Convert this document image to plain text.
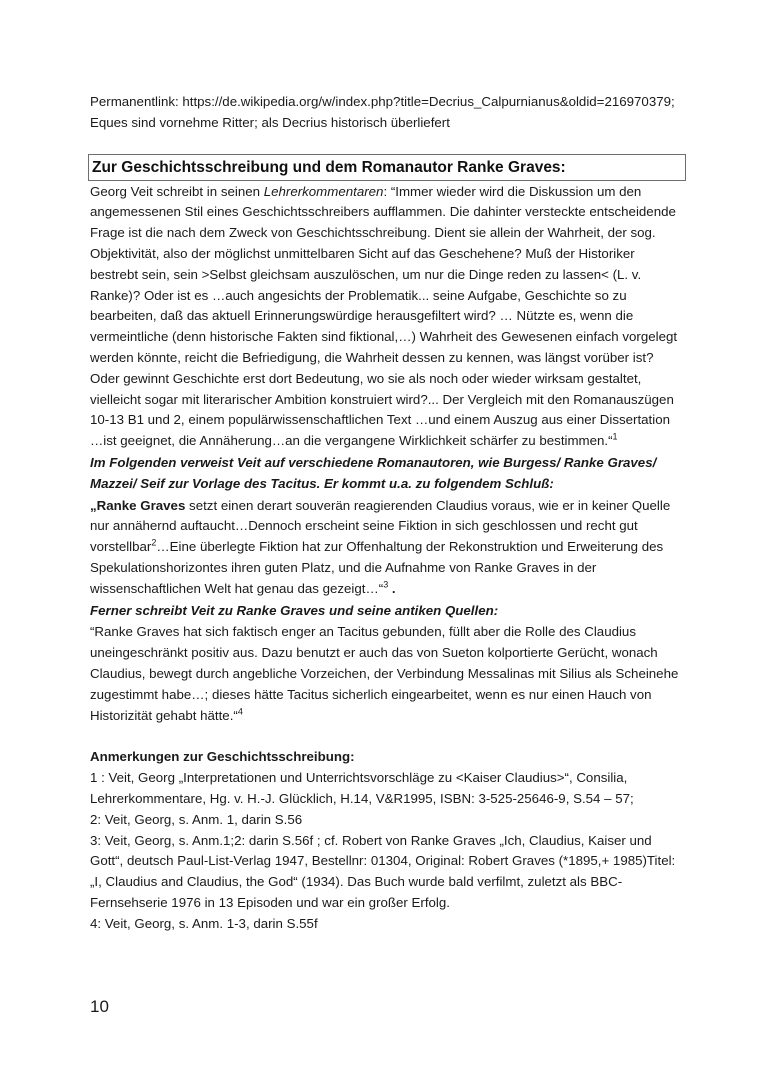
Permanentlink: https://de.wikipedia.org/w/index.php?title=Decrius_Calpurnianus&oldid=216970379; Eques sind vornehme Ritter; als Decrius historisch überliefert
Zur Geschichtsschreibung und dem Romanautor Ranke Graves:
Georg Veit schreibt in seinen Lehrerkommentaren: “Immer wieder wird die Diskussion um den angemessenen Stil eines Geschichtsschreibers aufflammen. Die dahinter versteckte entscheidende Frage ist die nach dem Zweck von Geschichtsschreibung. Dient sie allein der Wahrheit, der sog. Objektivität, also der möglichst unmittelbaren Sicht auf das Geschehene? Muß der Historiker bestrebt sein, sein >Selbst gleichsam auszulöschen, um nur die Dinge reden zu lassen< (L. v. Ranke)? Oder ist es …auch angesichts der Problematik... seine Aufgabe, Geschichte so zu bearbeiten, daß das aktuell Erinnerungswürdige herausgefiltert wird? … Nützte es, wenn die vermeintliche (denn historische Fakten sind fiktional,…) Wahrheit des Gewesenen einfach vorgelegt werden könnte, reicht die Befriedigung, die Wahrheit dessen zu kennen, was längst vorüber ist? Oder gewinnt Geschichte erst dort Bedeutung, wo sie als noch oder wieder wirksam gestaltet, vielleicht sogar mit literarischer Ambition konstruiert wird?... Der Vergleich mit den Romanauszügen 10-13 B1 und 2, einem populärwissenschaftlichen Text …und einem Auszug aus einer Dissertation …ist geeignet, die Annäherung…an die vergangene Wirklichkeit schärfer zu bestimmen.“$^1$
Im Folgenden verweist Veit auf verschiedene Romanautoren, wie Burgess/ Ranke Graves/ Mazzei/ Seif zur Vorlage des Tacitus. Er kommt u.a. zu folgendem Schluß:
„Ranke Graves setzt einen derart souverän reagierenden Claudius voraus, wie er in keiner Quelle nur annähernd auftaucht…Dennoch erscheint seine Fiktion in sich geschlossen und recht gut vorstellbar$^2$…Eine überlegte Fiktion hat zur Offenhaltung der Rekonstruktion und Erweiterung des Spekulationshorizontes ihren guten Platz, und die Aufnahme von Ranke Graves in der wissenschaftlichen Welt hat genau das gezeigt…“$^3$ .
Ferner schreibt Veit zu Ranke Graves und seine antiken Quellen:
“Ranke Graves hat sich faktisch enger an Tacitus gebunden, füllt aber die Rolle des Claudius uneingeschränkt positiv aus. Dazu benutzt er auch das von Sueton kolportierte Gerücht, wonach Claudius, bewegt durch angebliche Vorzeichen, der Verbindung Messalinas mit Silius als Scheinehe zugestimmt habe…; dieses hätte Tacitus sicherlich eingearbeitet, wenn es nur einen Hauch von Historizität gehabt hätte.“$^4$
Anmerkungen zur Geschichtsschreibung:
1 : Veit, Georg „Interpretationen und Unterrichtsvorschläge zu <Kaiser Claudius>“, Consilia, Lehrerkommentare, Hg. v. H.-J. Glücklich, H.14, V&R1995, ISBN: 3-525-25646-9, S.54 – 57;
2: Veit, Georg, s. Anm. 1, darin S.56
3: Veit, Georg, s. Anm.1;2: darin S.56f ; cf. Robert von Ranke Graves „Ich, Claudius, Kaiser und Gott“, deutsch Paul-List-Verlag 1947, Bestellnr: 01304, Original: Robert Graves (*1895,+ 1985)Titel: „I, Claudius and Claudius, the God“ (1934). Das Buch wurde bald verfilmt, zuletzt als BBC- Fernsehserie 1976 in 13 Episoden und war ein großer Erfolg.
4: Veit, Georg, s. Anm. 1-3, darin S.55f
10
